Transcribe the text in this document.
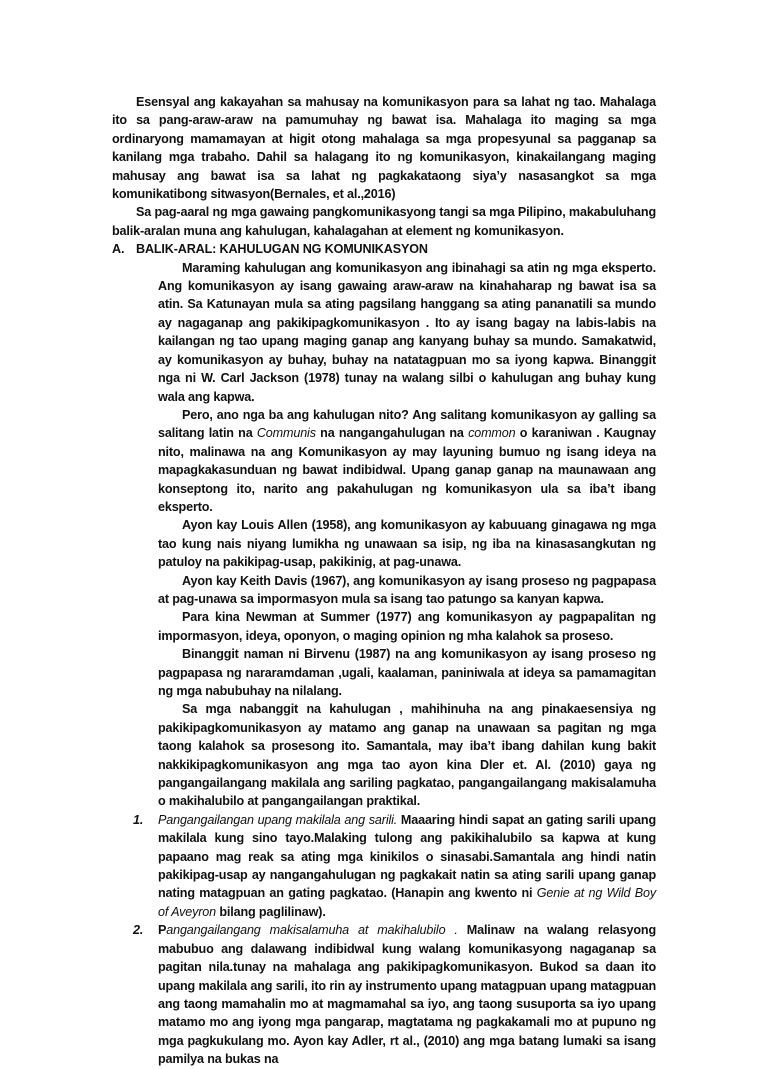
Esensyal ang kakayahan sa mahusay na komunikasyon para sa lahat ng tao. Mahalaga ito sa pang-araw-araw na pamumuhay ng bawat isa. Mahalaga ito maging sa mga ordinaryong mamamayan at higit otong mahalaga sa mga propesyunal sa pagganap sa kanilang mga trabaho. Dahil sa halagang ito ng komunikasyon, kinakailangang maging mahusay ang bawat isa sa lahat ng pagkakataong siya’y nasasangkot sa mga komunikatibong sitwasyon(Bernales, et al.,2016)

Sa pag-aaral ng mga gawaing pangkomunikasyong tangi sa mga Pilipino, makabuluhang balik-aralan muna ang kahulugan, kahalagahan at element ng komunikasyon.

A. BALIK-ARAL: KAHULUGAN NG KOMUNIKASYON

Maraming kahulugan ang komunikasyon ang ibinahagi sa atin ng mga eksperto. Ang komunikasyon ay isang gawaing araw-araw na kinahaharap ng bawat isa sa atin. Sa Katunayan mula sa ating pagsilang hanggang sa ating pananatili sa mundo ay nagaganap ang pakikipagkomunikasyon . Ito ay isang bagay na labis-labis na kailangan ng tao upang maging ganap ang kanyang buhay sa mundo. Samakatwid, ay komunikasyon ay buhay, buhay na natatagpuan mo sa iyong kapwa. Binanggit nga ni W. Carl Jackson (1978) tunay na walang silbi o kahulugan ang buhay kung wala ang kapwa.

Pero, ano nga ba ang kahulugan nito? Ang salitang komunikasyon ay galling sa salitang latin na Communis na nangangahulugan na common o karaniwan . Kaugnay nito, malinawa na ang Komunikasyon ay may layuning bumuo ng isang ideya na mapagkakasunduan ng bawat indibidwal. Upang ganap ganap na maunawaan ang konseptong ito, narito ang pakahulugan ng komunikasyon ula sa iba’t ibang eksperto.

Ayon kay Louis Allen (1958), ang komunikasyon ay kabuuang ginagawa ng mga tao kung nais niyang lumikha ng unawaan sa isip, ng iba na kinasasangkutan ng patuloy na pakikipag-usap, pakikinig, at pag-unawa.

Ayon kay Keith Davis (1967), ang komunikasyon ay isang proseso ng pagpapasa at pag-unawa sa impormasyon mula sa isang tao patungo sa kanyan kapwa.

Para kina Newman at Summer (1977) ang komunikasyon ay pagpapalitan ng impormasyon, ideya, oponyon, o maging opinion ng mha kalahok sa proseso.

Binanggit naman ni Birvenu (1987) na ang komunikasyon ay isang proseso ng pagpapasa ng nararamdaman ,ugali, kaalaman, paniniwala at ideya sa pamamagitan ng mga nabubuhay na nilalang.

Sa mga nabanggit na kahulugan , mahihinuha na ang pinakaesensiya ng pakikipagkomunikasyon ay matamo ang ganap na unawaan sa pagitan ng mga taong kalahok sa prosesong ito. Samantala, may iba’t ibang dahilan kung bakit nakkikipagkomunikasyon ang mga tao ayon kina Dler et. Al. (2010) gaya ng pangangailangang makilala ang sariling pagkatao, pangangailangang makisalamuha o makihalubilo at pangangailangan praktikal.

1. Pangangailangan upang makilala ang sarili. Maaaring hindi sapat an gating sarili upang makilala kung sino tayo.Malaking tulong ang pakikihalubilo sa kapwa at kung papaano mag reak sa ating mga kinikilos o sinasabi.Samantala ang hindi natin pakikipag-usap ay nangangahulugan ng pagkakait natin sa ating sarili upang ganap nating matagpuan an gating pagkatao. (Hanapin ang kwento ni Genie at ng Wild Boy of Aveyron bilang paglilinaw).
2. Pangangailangang makisalamuha at makihalubilo . Malinaw na walang relasyong mabubuo ang dalawang indibidwal kung walang komunikasyong nagaganap sa pagitan nila.tunay na mahalaga ang pakikipagkomunikasyon. Bukod sa daan ito upang makilala ang sarili, ito rin ay instrumento upang matagpuan upang matagpuan ang taong mamahalin mo at magmamahal sa iyo, ang taong susuporta sa iyo upang matamo mo ang iyong mga pangarap, magtatama ng pagkakamali mo at pupuno ng mga pagkukulang mo. Ayon kay Adler, rt al., (2010) ang mga batang lumaki sa isang pamilya na bukas na
